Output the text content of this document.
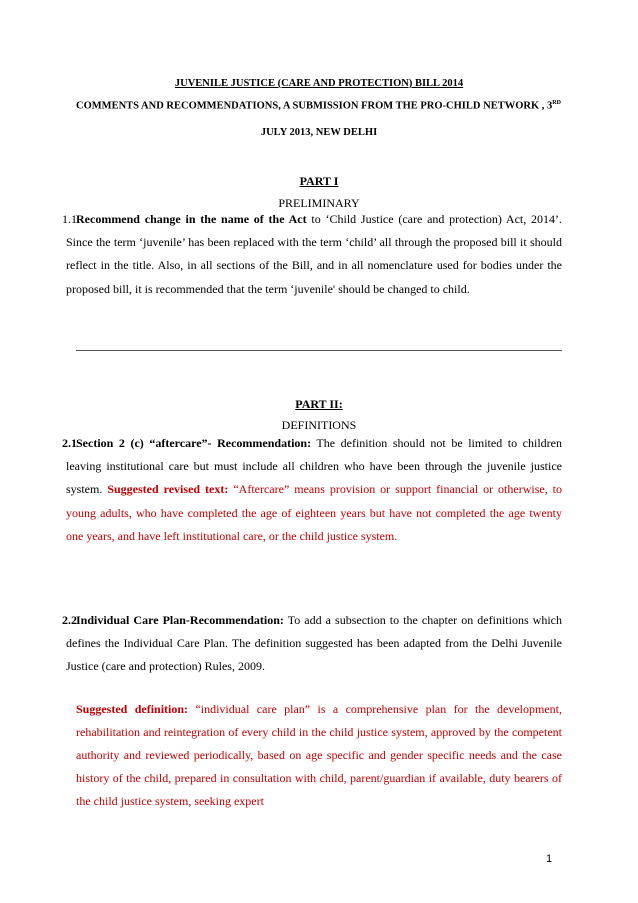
JUVENILE JUSTICE (CARE AND PROTECTION) BILL 2014
COMMENTS AND RECOMMENDATIONS, A SUBMISSION FROM THE PRO-CHILD NETWORK , 3RD
JULY 2013, NEW DELHI
PART I
PRELIMINARY
1.1 Recommend change in the name of the Act to ‘Child Justice (care and protection) Act, 2014’. Since the term ‘juvenile’ has been replaced with the term ‘child’ all through the proposed bill it should reflect in the title. Also, in all sections of the Bill, and in all nomenclature used for bodies under the proposed bill, it is recommended that the term ‘juvenile' should be changed to child.

PART II:
DEFINITIONS
2.1 Section 2 (c) “aftercare”- Recommendation: The definition should not be limited to children leaving institutional care but must include all children who have been through the juvenile justice system. Suggested revised text: “Aftercare” means provision or support financial or otherwise, to young adults, who have completed the age of eighteen years but have not completed the age twenty one years, and have left institutional care, or the child justice system.

2.2 Individual Care Plan-Recommendation: To add a subsection to the chapter on definitions which defines the Individual Care Plan. The definition suggested has been adapted from the Delhi Juvenile Justice (care and protection) Rules, 2009.

Suggested definition: “individual care plan” is a comprehensive plan for the development, rehabilitation and reintegration of every child in the child justice system, approved by the competent authority and reviewed periodically, based on age specific and gender specific needs and the case history of the child, prepared in consultation with child, parent/guardian if available, duty bearers of the child justice system, seeking expert

1
